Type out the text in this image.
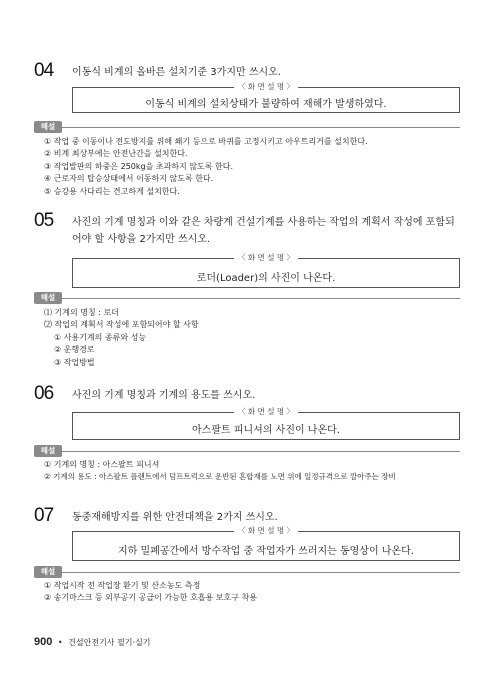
04 이동식 비계의 올바른 설치기준 3가지만 쓰시오.
〈 화 면 설 명 〉
이동식 비계의 설치상태가 불량하여 재해가 발생하였다.
해설
① 작업 중 이동이나 전도방지를 위해 쐐기 등으로 바퀴를 고정시키고 아우트리거를 설치한다.
② 비계 최상부에는 안전난간을 설치한다.
③ 작업발판의 하중은 250kg을 초과하지 않도록 한다.
④ 근로자의 탑승상태에서 이동하지 않도록 한다.
⑤ 승강용 사다리는 견고하게 설치한다.
05 사진의 기계 명칭과 이와 같은 차량계 건설기계를 사용하는 작업의 계획서 작성에 포함되어야 할 사항을 2가지만 쓰시오.
〈 화 면 설 명 〉
로더(Loader)의 사진이 나온다.
해설
⑴ 기계의 명칭 : 로더
⑵ 작업의 계획서 작성에 포함되어야 할 사항
① 사용기계의 종류와 성능
② 운행경로
③ 작업방법
06 사진의 기계 명칭과 기계의 용도를 쓰시오.
〈 화 면 설 명 〉
아스팔트 피니셔의 사진이 나온다.
해설
① 기계의 명칭 : 아스팔트 피니셔
② 기계의 용도 : 아스팔트 플랜트에서 덤프트럭으로 운반된 혼합재를 노면 위에 일정규격으로 깔아주는 장비
07 동중재해방지를 위한 안전대책을 2가지 쓰시오.
〈 화 면 설 명 〉
지하 밀폐공간에서 방수작업 중 작업자가 쓰러지는 동영상이 나온다.
해설
① 작업시작 전 작업장 환기 및 산소농도 측정
② 송기마스크 등 외부공기 공급이 가능한 호흡용 보호구 착용
900 • 건설안전기사 필기·실기
